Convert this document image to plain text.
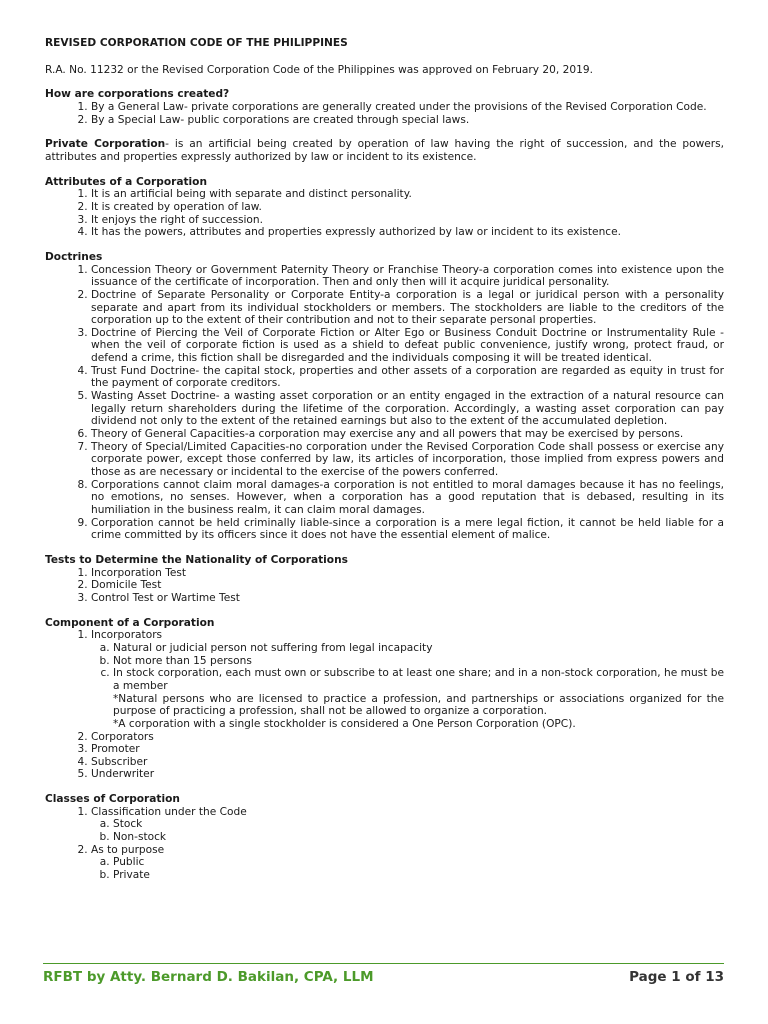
REVISED CORPORATION CODE OF THE PHILIPPINES

R.A. No. 11232 or the Revised Corporation Code of the Philippines was approved on February 20, 2019.

How are corporations created?

1. By a General Law- private corporations are generally created under the provisions of the Revised Corporation Code.
2. By a Special Law- public corporations are created through special laws.

Private Corporation- is an artificial being created by operation of law having the right of succession, and the powers, attributes and properties expressly authorized by law or incident to its existence.

Attributes of a Corporation

1. It is an artificial being with separate and distinct personality.
2. It is created by operation of law.
3. It enjoys the right of succession.
4. It has the powers, attributes and properties expressly authorized by law or incident to its existence.

Doctrines

1. Concession Theory or Government Paternity Theory or Franchise Theory-a corporation comes into existence upon the issuance of the certificate of incorporation. Then and only then will it acquire juridical personality.
2. Doctrine of Separate Personality or Corporate Entity-a corporation is a legal or juridical person with a personality separate and apart from its individual stockholders or members. The stockholders are liable to the creditors of the corporation up to the extent of their contribution and not to their separate personal properties.
3. Doctrine of Piercing the Veil of Corporate Fiction or Alter Ego or Business Conduit Doctrine or Instrumentality Rule -when the veil of corporate fiction is used as a shield to defeat public convenience, justify wrong, protect fraud, or defend a crime, this fiction shall be disregarded and the individuals composing it will be treated identical.
4. Trust Fund Doctrine- the capital stock, properties and other assets of a corporation are regarded as equity in trust for the payment of corporate creditors.
5. Wasting Asset Doctrine- a wasting asset corporation or an entity engaged in the extraction of a natural resource can legally return shareholders during the lifetime of the corporation. Accordingly, a wasting asset corporation can pay dividend not only to the extent of the retained earnings but also to the extent of the accumulated depletion.
6. Theory of General Capacities-a corporation may exercise any and all powers that may be exercised by persons.
7. Theory of Special/Limited Capacities-no corporation under the Revised Corporation Code shall possess or exercise any corporate power, except those conferred by law, its articles of incorporation, those implied from express powers and those as are necessary or incidental to the exercise of the powers conferred.
8. Corporations cannot claim moral damages-a corporation is not entitled to moral damages because it has no feelings, no emotions, no senses. However, when a corporation has a good reputation that is debased, resulting in its humiliation in the business realm, it can claim moral damages.
9. Corporation cannot be held criminally liable-since a corporation is a mere legal fiction, it cannot be held liable for a crime committed by its officers since it does not have the essential element of malice.

Tests to Determine the Nationality of Corporations

1. Incorporation Test
2. Domicile Test
3. Control Test or Wartime Test

Component of a Corporation

1. Incorporators
a. Natural or judicial person not suffering from legal incapacity
b. Not more than 15 persons
c. In stock corporation, each must own or subscribe to at least one share; and in a non-stock corporation, he must be a member
*Natural persons who are licensed to practice a profession, and partnerships or associations organized for the purpose of practicing a profession, shall not be allowed to organize a corporation.
*A corporation with a single stockholder is considered a One Person Corporation (OPC).
2. Corporators
3. Promoter
4. Subscriber
5. Underwriter

Classes of Corporation

1. Classification under the Code
a. Stock
b. Non-stock
2. As to purpose
a. Public
b. Private
RFBT by Atty. Bernard D. Bakilan, CPA, LLM	Page 1 of 13
